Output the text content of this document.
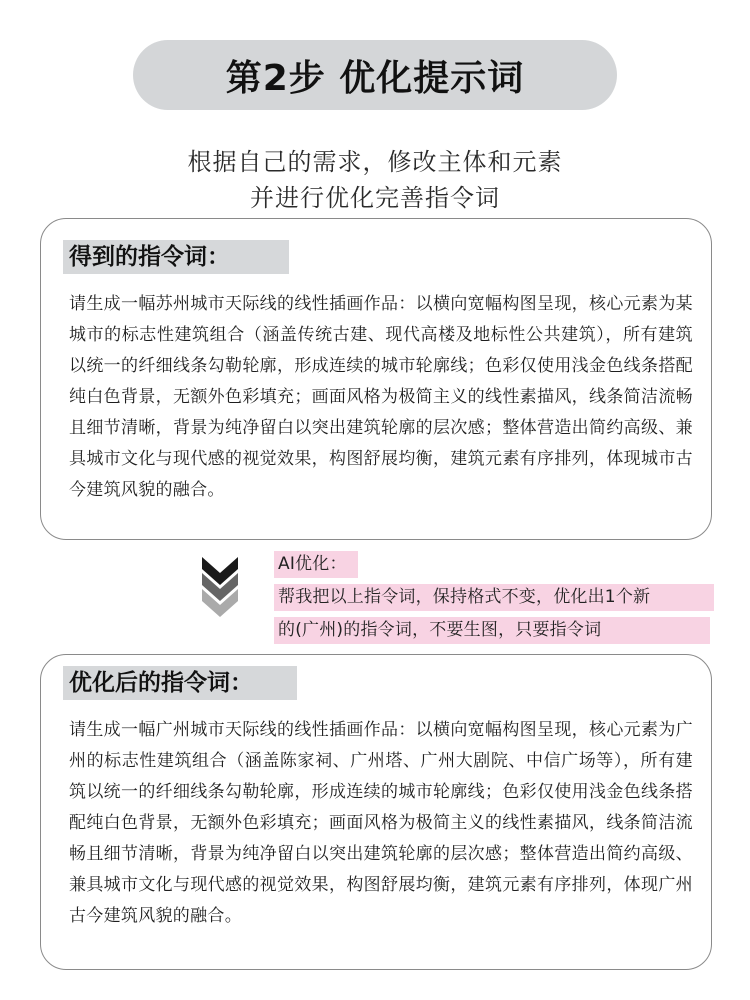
第2步 优化提示词
根据自己的需求，修改主体和元素
并进行优化完善指令词
得到的指令词：
请生成一幅苏州城市天际线的线性插画作品：以横向宽幅构图呈现，核心元素为某城市的标志性建筑组合（涵盖传统古建、现代高楼及地标性公共建筑），所有建筑以统一的纤细线条勾勒轮廓，形成连续的城市轮廓线；色彩仅使用浅金色线条搭配纯白色背景，无额外色彩填充；画面风格为极简主义的线性素描风，线条简洁流畅且细节清晰，背景为纯净留白以突出建筑轮廓的层次感；整体营造出简约高级、兼具城市文化与现代感的视觉效果，构图舒展均衡，建筑元素有序排列，体现城市古今建筑风貌的融合。
AI优化：
帮我把以上指令词，保持格式不变，优化出1个新
的(广州)的指令词，不要生图，只要指令词
优化后的指令词：
请生成一幅广州城市天际线的线性插画作品：以横向宽幅构图呈现，核心元素为广州的标志性建筑组合（涵盖陈家祠、广州塔、广州大剧院、中信广场等），所有建筑以统一的纤细线条勾勒轮廓，形成连续的城市轮廓线；色彩仅使用浅金色线条搭配纯白色背景，无额外色彩填充；画面风格为极简主义的线性素描风，线条简洁流畅且细节清晰，背景为纯净留白以突出建筑轮廓的层次感；整体营造出简约高级、兼具城市文化与现代感的视觉效果，构图舒展均衡，建筑元素有序排列，体现广州古今建筑风貌的融合。
